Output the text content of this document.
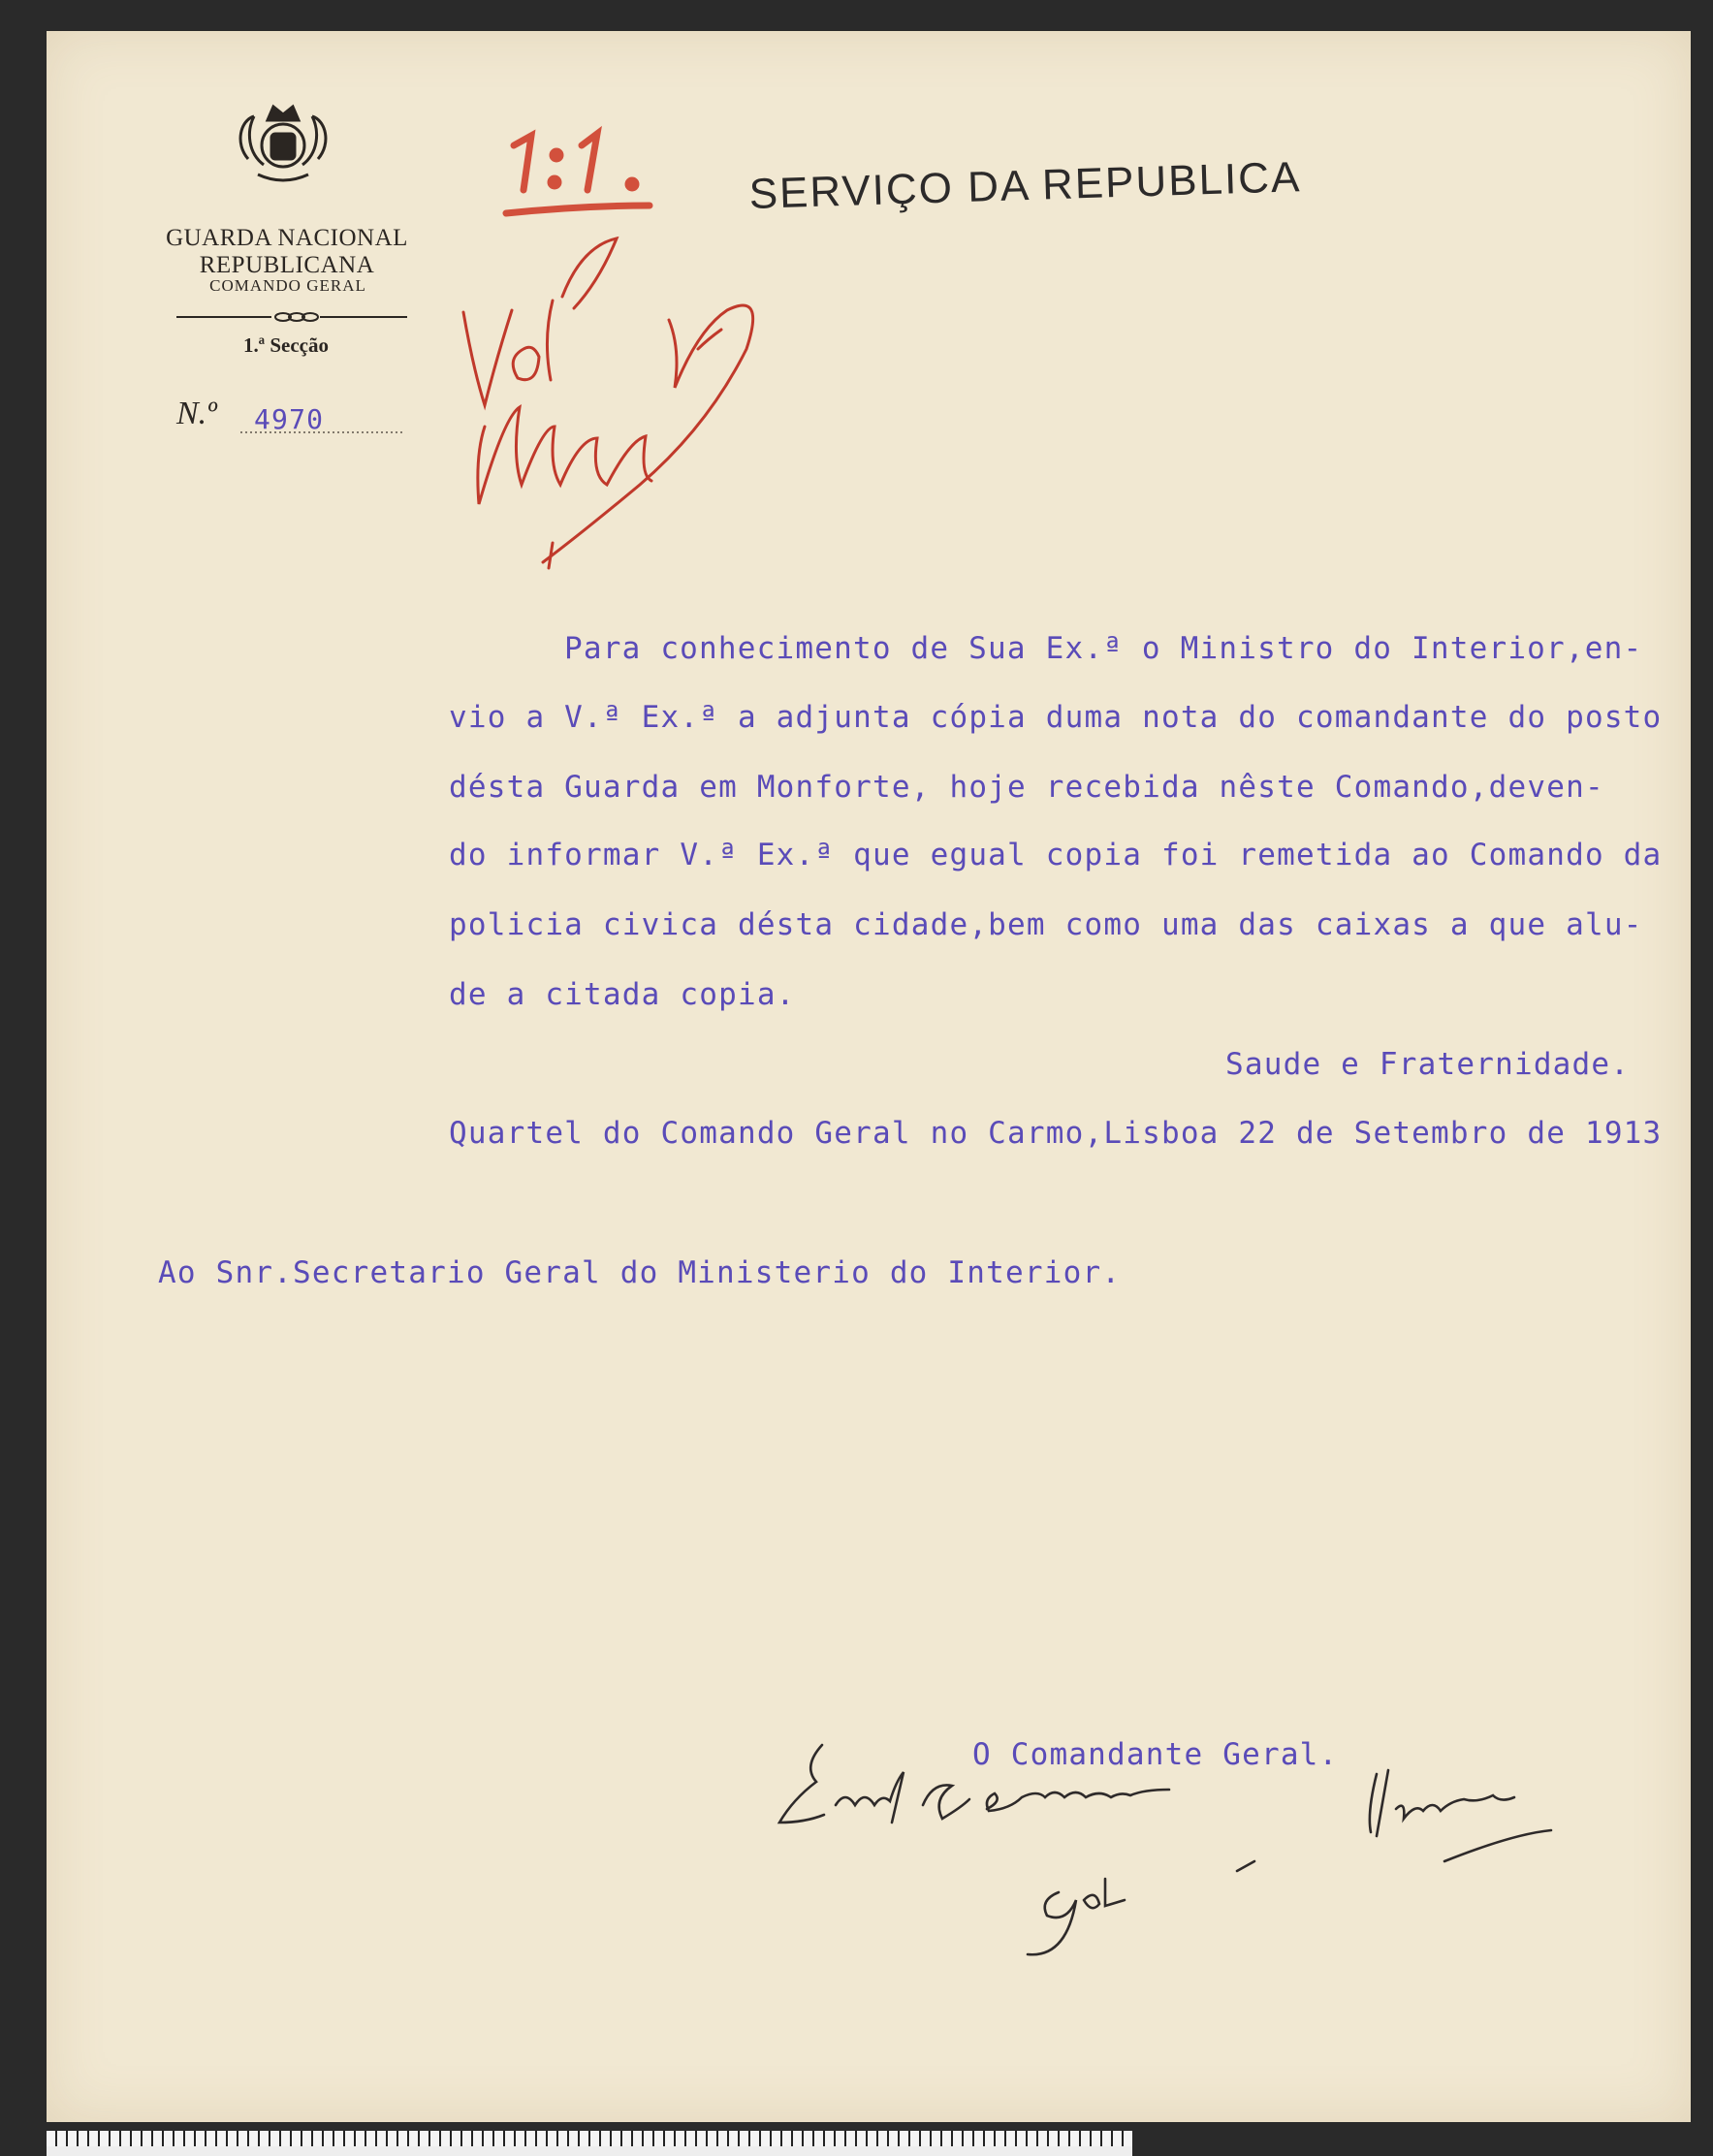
GUARDA NACIONAL REPUBLICANA
COMANDO GERAL
1.ª Secção
N.º	4970
SERVIÇO DA REPUBLICA
Para conhecimento de Sua Ex.ª o Ministro do Interior,en-
vio a V.ª Ex.ª a adjunta cópia duma nota do comandante do posto
désta Guarda em Monforte, hoje recebida nêste Comando,deven-
do informar V.ª Ex.ª que egual copia foi remetida ao Comando da
policia civica désta cidade,bem como uma das caixas a que alu-
de a citada copia.
Saude e Fraternidade.
Quartel do Comando Geral no Carmo,Lisboa 22 de Setembro de 1913
Ao Snr.Secretario Geral do Ministerio do Interior.
O Comandante Geral.
